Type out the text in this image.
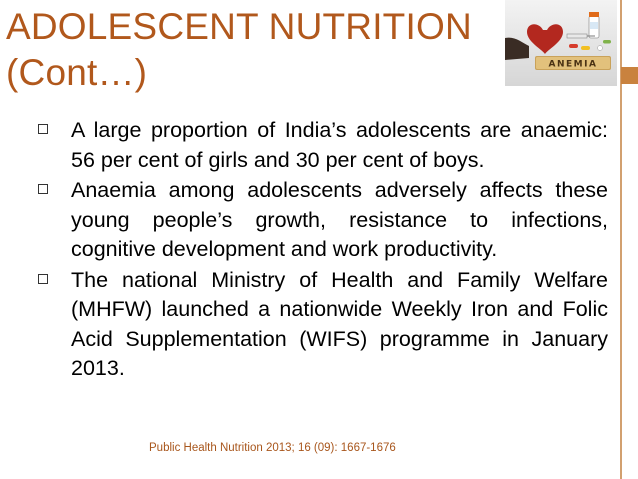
ADOLESCENT NUTRITION
(Cont…)	ANEMIA
A large proportion of India’s adolescents are anaemic: 56 per cent of girls and 30 per cent of boys.
Anaemia among adolescents adversely affects these young people’s growth, resistance to infections, cognitive development and work productivity.
The national Ministry of Health and Family Welfare (MHFW) launched a nationwide Weekly Iron and Folic Acid Supplementation (WIFS) programme in January 2013.
Public Health Nutrition 2013; 16 (09): 1667-1676
